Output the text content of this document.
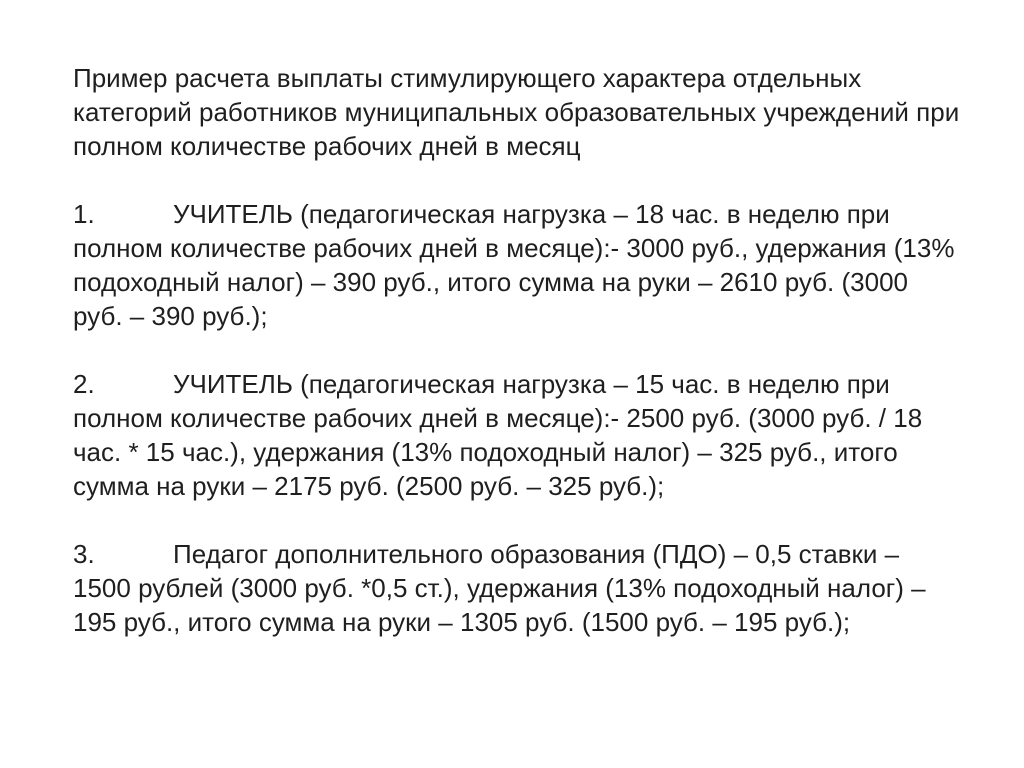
Пример расчета выплаты стимулирующего характера отдельных категорий работников муниципальных образовательных учреждений при полном количестве рабочих дней в месяц

1.	УЧИТЕЛЬ (педагогическая нагрузка – 18 час. в неделю при полном количестве рабочих дней в месяце):- 3000 руб., удержания (13% подоходный налог) – 390 руб., итого сумма на руки – 2610 руб. (3000 руб. – 390 руб.);

2.	УЧИТЕЛЬ (педагогическая нагрузка – 15 час. в неделю при полном количестве рабочих дней в месяце):- 2500 руб. (3000 руб. / 18 час. * 15 час.), удержания (13% подоходный налог) – 325 руб., итого сумма на руки – 2175 руб. (2500 руб. – 325 руб.);

3.	Педагог дополнительного образования (ПДО) – 0,5 ставки – 1500 рублей (3000 руб. *0,5 ст.), удержания (13% подоходный налог) – 195 руб., итого сумма на руки – 1305 руб. (1500 руб. – 195 руб.);
